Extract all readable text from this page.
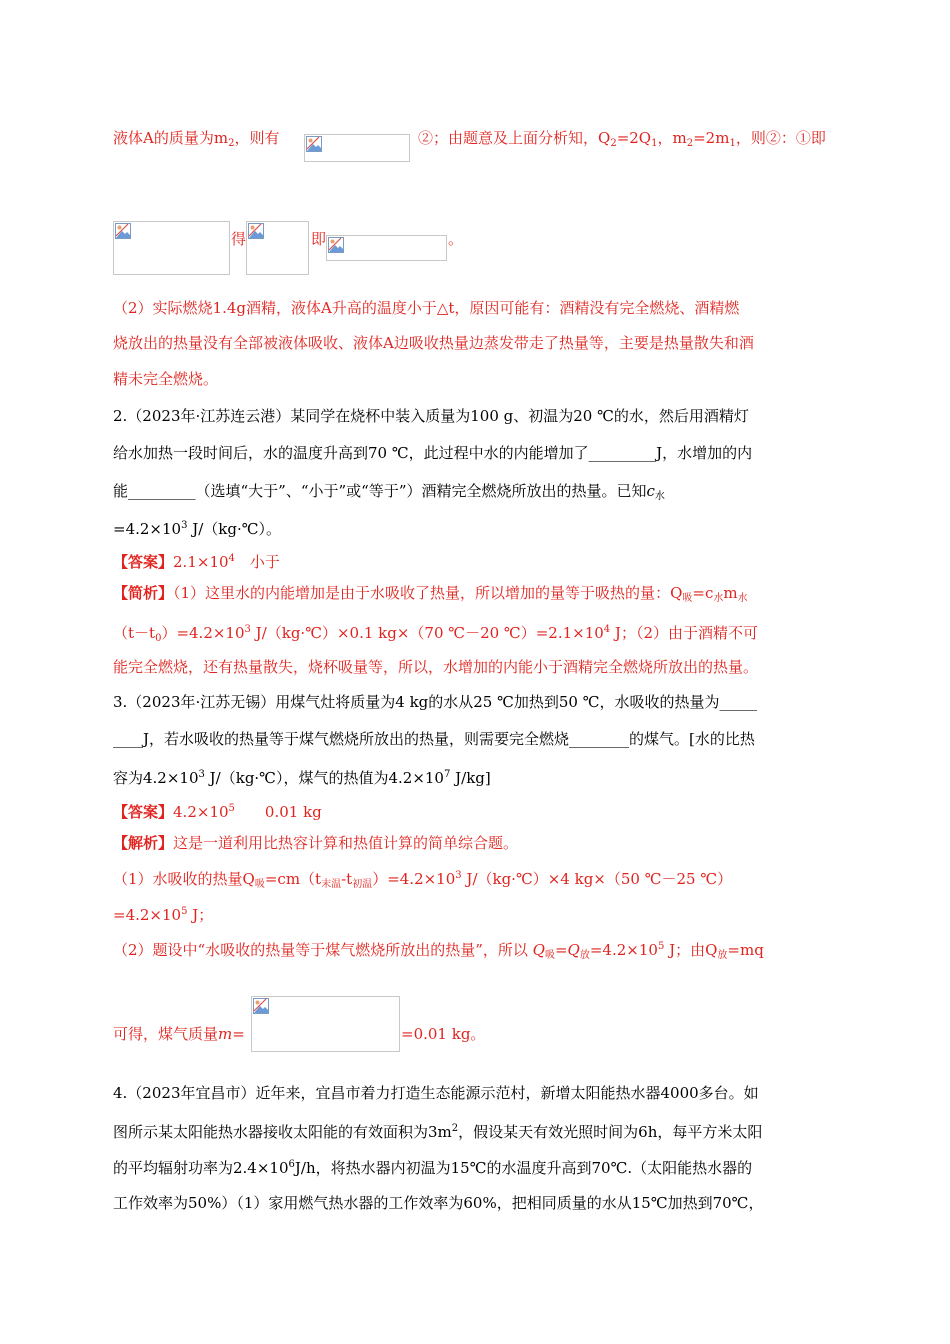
液体A的质量为$m_2$，则有	②；由题意及上面分析知，$Q_2=2Q_1$，$m_2=2m_1$，则②：①即
得	即	。
（2）实际燃烧1.4g酒精，液体A升高的温度小于△t，原因可能有：酒精没有完全燃烧、酒精燃
烧放出的热量没有全部被液体吸收、液体A边吸收热量边蒸发带走了热量等，主要是热量散失和酒
精未完全燃烧。
2.（2023年·江苏连云港）某同学在烧杯中装入质量为100 g、初温为20 ℃的水，然后用酒精灯
给水加热一段时间后，水的温度升高到70 ℃，此过程中水的内能增加了_________J，水增加的内
能_________（选填“大于”、“小于”或“等于”）酒精完全燃烧所放出的热量。已知$c_水$
$=4.2\times 10^3$ J/（kg·℃）。
【答案】$2.1\times 10^4$　小于
【简析】（1）这里水的内能增加是由于水吸收了热量，所以增加的量等于吸热的量：$Q_吸=c_水m_水$
$(t-t_0)=4.2\times 10^3$ J/（kg·℃）×0.1 kg×（70 ℃－20 $℃)=2.1\times 10^4$ J；（2）由于酒精不可
能完全燃烧，还有热量散失，烧杯吸量等，所以，水增加的内能小于酒精完全燃烧所放出的热量。
3.（2023年·江苏无锡）用煤气灶将质量为4 kg的水从25 ℃加热到50 ℃，水吸收的热量为_____
____J，若水吸收的热量等于煤气燃烧所放出的热量，则需要完全燃烧________的煤气。[水的比热
容为$4.2\times 10^3$ J/（kg·℃），煤气的热值为$4.2\times 10^7$ J/kg]
【答案】$4.2\times 10^5$　　0.01 kg
【解析】这是一道利用比热容计算和热值计算的简单综合题。
（1）水吸收的热量$Q_吸=cm(t_{末温}-t_{初温})=4.2\times 10^3$ J/（kg·℃）×4 kg×（50 ℃－25 ℃）
$=4.2\times 10^5$ J；
（2）题设中“水吸收的热量等于煤气燃烧所放出的热量”，所以 $Q_吸=Q_放=4.2\times 10^5$ J；由$Q_放=mq$
可得，煤气质量m=	=0.01 kg。
4.（2023年宜昌市）近年来，宜昌市着力打造生态能源示范村，新增太阳能热水器4000多台。如
图所示某太阳能热水器接收太阳能的有效面积为$3m^2$，假设某天有效光照时间为6h，每平方米太阳
的平均辐射功率为$2.4\times 10^6J/h$，将热水器内初温为15℃的水温度升高到70℃.（太阳能热水器的
工作效率为50%）（1）家用燃气热水器的工作效率为60%，把相同质量的水从15℃加热到70℃，
